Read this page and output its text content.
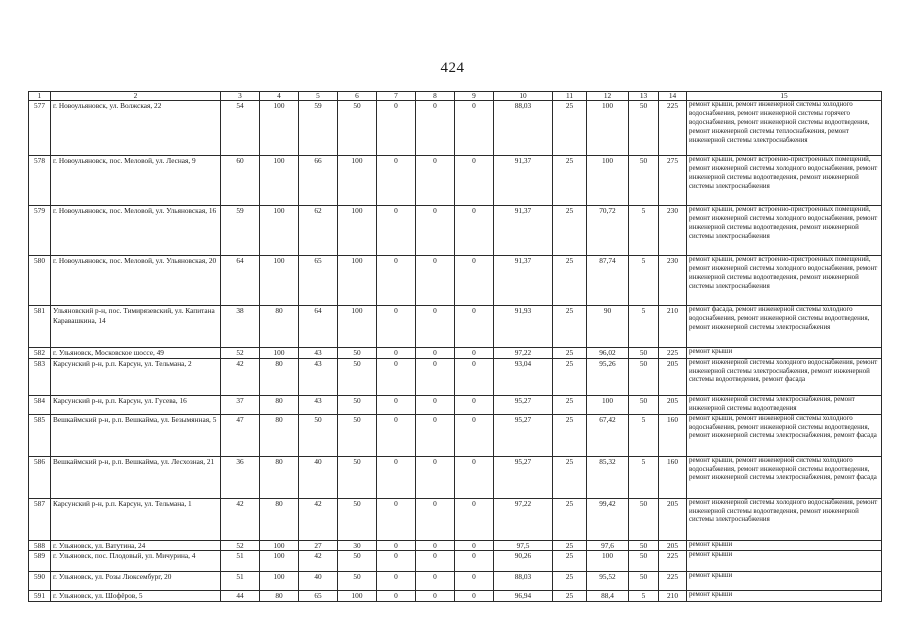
424
1	2	3	4	5	6	7	8	9	10	11	12	13	14	15
577	г. Новоульяновск, ул. Волжская, 22	54	100	59	50	0	0	0	88,03	25	100	50	225	ремонт крыши, ремонт инженерной системы холодного водоснабжения, ремонт инженерной системы горячего водоснабжения, ремонт инженерной системы водоотведения, ремонт инженерной системы теплоснабжения, ремонт инженерной системы электроснабжения
578	г. Новоульяновск, пос. Меловой, ул. Лесная, 9	60	100	66	100	0	0	0	91,37	25	100	50	275	ремонт крыши, ремонт встроенно-пристроенных помещений, ремонт инженерной системы холодного водоснабжения, ремонт инженерной системы водоотведения, ремонт инженерной системы электроснабжения
579	г. Новоульяновск, пос. Меловой, ул. Ульяновская, 16	59	100	62	100	0	0	0	91,37	25	70,72	5	230	ремонт крыши, ремонт встроенно-пристроенных помещений, ремонт инженерной системы холодного водоснабжения, ремонт инженерной системы водоотведения, ремонт инженерной системы электроснабжения
580	г. Новоульяновск, пос. Меловой, ул. Ульяновская, 20	64	100	65	100	0	0	0	91,37	25	87,74	5	230	ремонт крыши, ремонт встроенно-пристроенных помещений, ремонт инженерной системы холодного водоснабжения, ремонт инженерной системы водоотведения, ремонт инженерной системы электроснабжения
581	Ульяновский р-н, пос. Тимирязевский, ул. Капитана Каравашкина, 14	38	80	64	100	0	0	0	91,93	25	90	5	210	ремонт фасада, ремонт инженерной системы холодного водоснабжения, ремонт инженерной системы водоотведения, ремонт инженерной системы электроснабжения
582	г. Ульяновск, Московское шоссе, 49	52	100	43	50	0	0	0	97,22	25	96,02	50	225	ремонт крыши
583	Карсунский р-н, р.п. Карсун, ул. Тельмана, 2	42	80	43	50	0	0	0	93,04	25	95,26	50	205	ремонт инженерной системы холодного водоснабжения, ремонт инженерной системы электроснабжения, ремонт инженерной системы водоотведения, ремонт фасада
584	Карсунский р-н, р.п. Карсун, ул. Гусева, 16	37	80	43	50	0	0	0	95,27	25	100	50	205	ремонт инженерной системы электроснабжения, ремонт инженерной системы водоотведения
585	Вешкаймский р-н, р.п. Вешкайма, ул. Безымянная, 5	47	80	50	50	0	0	0	95,27	25	67,42	5	160	ремонт крыши, ремонт инженерной системы холодного водоснабжения, ремонт инженерной системы водоотведения, ремонт инженерной системы электроснабжения, ремонт фасада
586	Вешкаймский р-н, р.п. Вешкайма, ул. Лесхозная, 21	36	80	40	50	0	0	0	95,27	25	85,32	5	160	ремонт крыши, ремонт инженерной системы холодного водоснабжения, ремонт инженерной системы водоотведения, ремонт инженерной системы электроснабжения, ремонт фасада
587	Карсунский р-н, р.п. Карсун, ул. Тельмана, 1	42	80	42	50	0	0	0	97,22	25	99,42	50	205	ремонт инженерной системы холодного водоснабжения, ремонт инженерной системы водоотведения, ремонт инженерной системы электроснабжения
588	г. Ульяновск, ул. Ватутина, 24	52	100	27	30	0	0	0	97,5	25	97,6	50	205	ремонт крыши
589	г. Ульяновск, пос. Плодовый, ул. Мичурина, 4	51	100	42	50	0	0	0	90,26	25	100	50	225	ремонт крыши
590	г. Ульяновск, ул. Розы Люксембург, 20	51	100	40	50	0	0	0	88,03	25	95,52	50	225	ремонт крыши
591	г. Ульяновск, ул. Шофёров, 5	44	80	65	100	0	0	0	96,94	25	88,4	5	210	ремонт крыши
